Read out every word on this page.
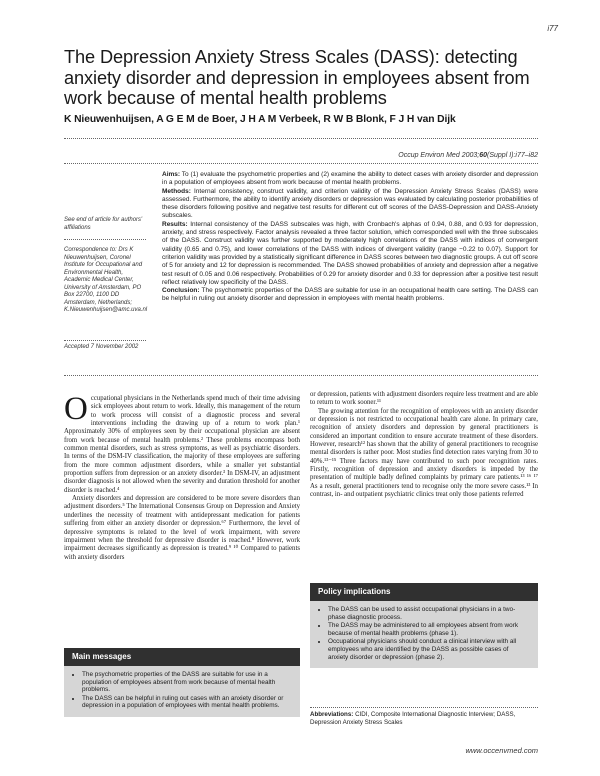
i77
The Depression Anxiety Stress Scales (DASS): detecting anxiety disorder and depression in employees absent from work because of mental health problems
K Nieuwenhuijsen, A G E M de Boer, J H A M Verbeek, R W B Blonk, F J H van Dijk
Occup Environ Med 2003;60(Suppl I):i77–i82
See end of article for authors' affiliations
Correspondence to: Drs K Nieuwenhuijsen, Coronel Institute for Occupational and Environmental Health, Academic Medical Center, University of Amsterdam, PO Box 22700, 1100 DD Amsterdam, Netherlands; K.Nieuwenhuijsen@amc.uva.nl
Accepted 7 November 2002

Aims: To (1) evaluate the psychometric properties and (2) examine the ability to detect cases with anxiety disorder and depression in a population of employees absent from work because of mental health problems.

Methods: Internal consistency, construct validity, and criterion validity of the Depression Anxiety Stress Scales (DASS) were assessed. Furthermore, the ability to identify anxiety disorders or depression was evaluated by calculating posterior probabilities of these disorders following positive and negative test results for different cut off scores of the DASS-Depression and DASS-Anxiety subscales.

Results: Internal consistency of the DASS subscales was high, with Cronbach's alphas of 0.94, 0.88, and 0.93 for depression, anxiety, and stress respectively. Factor analysis revealed a three factor solution, which corresponded well with the three subscales of the DASS. Construct validity was further supported by moderately high correlations of the DASS with indices of convergent validity (0.65 and 0.75), and lower correlations of the DASS with indices of divergent validity (range −0.22 to 0.07). Support for criterion validity was provided by a statistically significant difference in DASS scores between two diagnostic groups. A cut off score of 5 for anxiety and 12 for depression is recommended. The DASS showed probabilities of anxiety and depression after a negative test result of 0.05 and 0.06 respectively. Probabilities of 0.29 for anxiety disorder and 0.33 for depression after a positive test result reflect relatively low specificity of the DASS.

Conclusion: The psychometric properties of the DASS are suitable for use in an occupational health care setting. The DASS can be helpful in ruling out anxiety disorder and depression in employees with mental health problems.

Occupational physicians in the Netherlands spend much of their time advising sick employees about return to work. Ideally, this management of the return to work process will consist of a diagnostic process and several interventions including the drawing up of a return to work plan.¹ Approximately 30% of employees seen by their occupational physician are absent from work because of mental health problems.² These problems encompass both common mental disorders, such as stress symptoms, as well as psychiatric disorders. In terms of the DSM-IV classification, the majority of these employees are suffering from the more common adjustment disorders, while a smaller yet substantial proportion suffers from depression or an anxiety disorder.³ In DSM-IV, an adjustment disorder diagnosis is not allowed when the severity and duration threshold for another disorder is reached.⁴

Anxiety disorders and depression are considered to be more severe disorders than adjustment disorders.⁵ The International Consensus Group on Depression and Anxiety underlines the necessity of treatment with antidepressant medication for patients suffering from either an anxiety disorder or depression.⁶⁷ Furthermore, the level of depressive symptoms is related to the level of work impairment, with severe impairment when the threshold for depressive disorder is reached.⁸ However, work impairment decreases significantly as depression is treated.⁹ ¹⁰ Compared to patients with anxiety disorders

or depression, patients with adjustment disorders require less treatment and are able to return to work sooner.¹¹

The growing attention for the recognition of employees with an anxiety disorder or depression is not restricted to occupational health care alone. In primary care, recognition of anxiety disorders and depression by general practitioners is considered an important condition to ensure accurate treatment of these disorders. However, research¹² has shown that the ability of general practitioners to recognise mental disorders is rather poor. Most studies find detection rates varying from 30 to 40%.¹³⁻¹⁵ Three factors may have contributed to such poor recognition rates. Firstly, recognition of depression and anxiety disorders is impeded by the presentation of multiple badly defined complaints by primary care patients.¹³ ¹⁶ ¹⁷ As a result, general practitioners tend to recognise only the more severe cases.¹³ In contrast, in- and outpatient psychiatric clinics treat only those patients referred

Main messages
• The psychometric properties of the DASS are suitable for use in a population of employees absent from work because of mental health problems.
• The DASS can be helpful in ruling out cases with an anxiety disorder or depression in a population of employees with mental health problems.
Policy implications
• The DASS can be used to assist occupational physicians in a two-phase diagnostic process.
• The DASS may be administered to all employees absent from work because of mental health problems (phase 1).
• Occupational physicians should conduct a clinical interview with all employees who are identified by the DASS as possible cases of anxiety disorder or depression (phase 2).
Abbreviations: CIDI, Composite International Diagnostic Interview; DASS, Depression Anxiety Stress Scales
www.occenvmed.com
